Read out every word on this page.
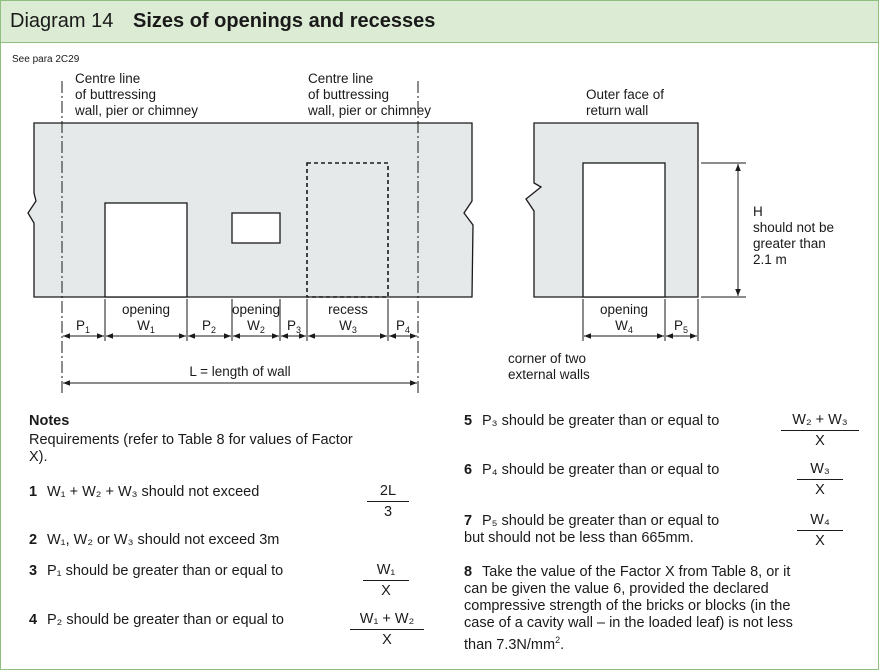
Diagram 14 Sizes of openings and recesses
See para 2C29
Centre line
of buttressing
wall, pier or chimney
Centre line
of buttressing
wall, pier or chimney
Outer face of
return wall
H
should not be
greater than
2.1 m
corner of two
external walls
L = length of wall
$P_1$
opening
$W_1$	$P_2$
opening
$W_2$ $P_3$
recess
$W_3$	$P_4$
opening
$W_4$	$P_5$
Notes
Requirements (refer to Table 8 for values of Factor X).
1 W₁ + W₂ + W₃ should not exceed	$\frac{2L}{3}$
2 W₁, W₂ or W₃ should not exceed 3m
3 P₁ should be greater than or equal to	$\frac{\text{W₁}}{X}$
4 P₂ should be greater than or equal to	$\frac{\text{W₁ + W₂}}{X}$
5 P₃ should be greater than or equal to	$\frac{\text{W₂ + W₃}}{X}$
6 P₄ should be greater than or equal to	$\frac{\text{W₃}}{X}$
7 P₅ should be greater than or equal to
but should not be less than 665mm.	$\frac{\text{W₄}}{X}$
8 Take the value of the Factor X from Table 8, or it
can be given the value 6, provided the declared
compressive strength of the bricks or blocks (in the
case of a cavity wall – in the loaded leaf) is not less
than $7.3N/mm^2$.
